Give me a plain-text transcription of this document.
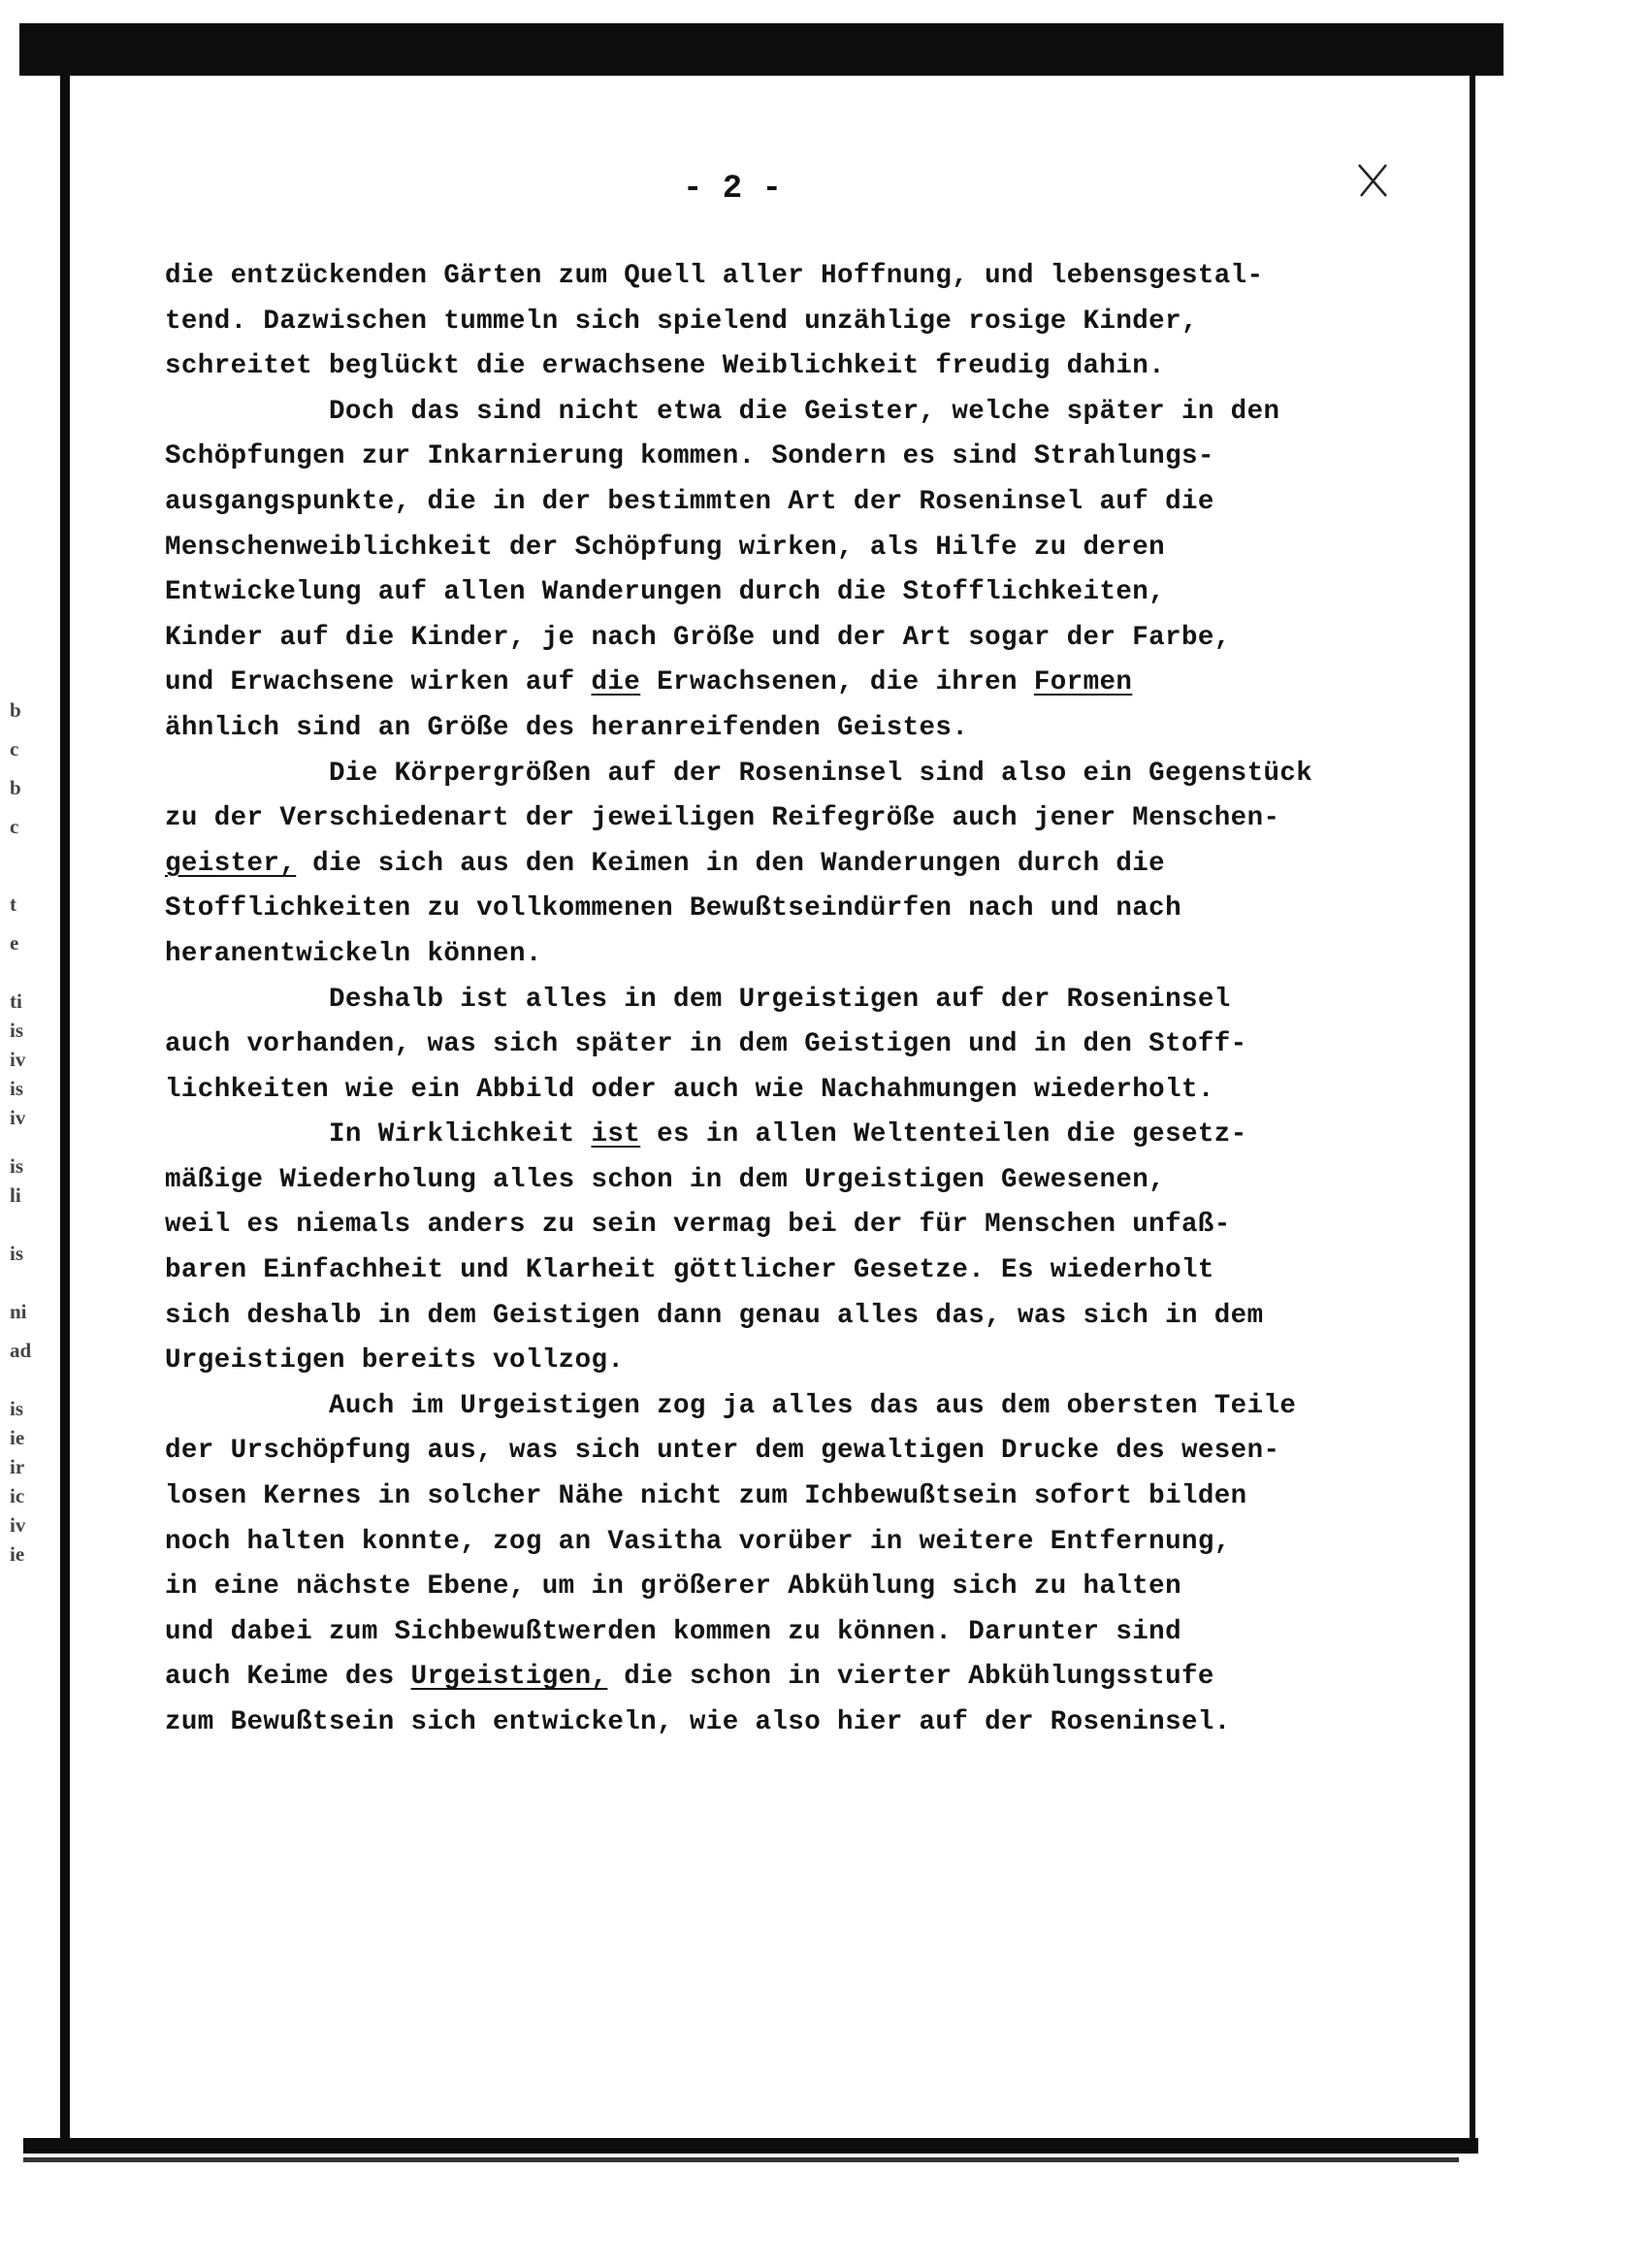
b
c
b
c
t
e
ti
is
iv
is
iv
is
li
is
ni
ad
is
ie
ir
ic
iv
ie
- 2 -
die entzückenden Gärten zum Quell aller Hoffnung, und lebensgestal-
tend. Dazwischen tummeln sich spielend unzählige rosige Kinder,
schreitet beglückt die erwachsene Weiblichkeit freudig dahin.
Doch das sind nicht etwa die Geister, welche später in den
Schöpfungen zur Inkarnierung kommen. Sondern es sind Strahlungs-
ausgangspunkte, die in der bestimmten Art der Roseninsel auf die
Menschenweiblichkeit der Schöpfung wirken, als Hilfe zu deren
Entwickelung auf allen Wanderungen durch die Stofflichkeiten,
Kinder auf die Kinder, je nach Größe und der Art sogar der Farbe,
und Erwachsene wirken auf die Erwachsenen, die ihren Formen
ähnlich sind an Größe des heranreifenden Geistes.
Die Körpergrößen auf der Roseninsel sind also ein Gegenstück
zu der Verschiedenart der jeweiligen Reifegröße auch jener Menschen-
geister, die sich aus den Keimen in den Wanderungen durch die
Stofflichkeiten zu vollkommenen Bewußtseindürfen nach und nach
heranentwickeln können.
Deshalb ist alles in dem Urgeistigen auf der Roseninsel
auch vorhanden, was sich später in dem Geistigen und in den Stoff-
lichkeiten wie ein Abbild oder auch wie Nachahmungen wiederholt.
In Wirklichkeit ist es in allen Weltenteilen die gesetz-
mäßige Wiederholung alles schon in dem Urgeistigen Gewesenen,
weil es niemals anders zu sein vermag bei der für Menschen unfaß-
baren Einfachheit und Klarheit göttlicher Gesetze. Es wiederholt
sich deshalb in dem Geistigen dann genau alles das, was sich in dem
Urgeistigen bereits vollzog.
Auch im Urgeistigen zog ja alles das aus dem obersten Teile
der Urschöpfung aus, was sich unter dem gewaltigen Drucke des wesen-
losen Kernes in solcher Nähe nicht zum Ichbewußtsein sofort bilden
noch halten konnte, zog an Vasitha vorüber in weitere Entfernung,
in eine nächste Ebene, um in größerer Abkühlung sich zu halten
und dabei zum Sichbewußtwerden kommen zu können. Darunter sind
auch Keime des Urgeistigen, die schon in vierter Abkühlungsstufe
zum Bewußtsein sich entwickeln, wie also hier auf der Roseninsel.
